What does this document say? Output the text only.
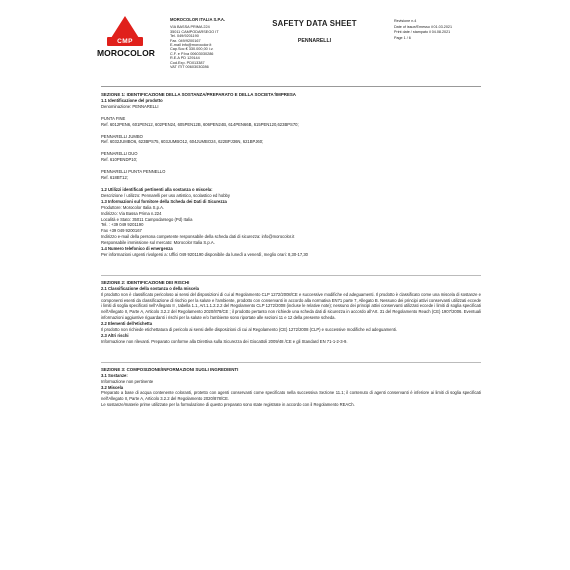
CMP
MOROCOLOR
MOROCOLOR ITALIA S.P.A.
VIA BASSA PRIMA 224
35011 CAMPODARSEGO IT
Tel. 049/9201190
Fax. 049/9200167
E-mail info@morocolor.it
Cap.Soc.€ 330.000,00 i.v.
C.F. e P.Iva 00603030286
R.E.A PD 129144
Cod.Exp. PD013387
VAT ITIT 00603030286
SAFETY DATA SHEET
PENNARELLI
Revisione n.4
Date of issue/Emesso il 01.03.2021
Print date / stampato il 04.08.2021
Page 1 / 6

SEZIONE 1: IDENTIFICAZIONE DELLA SOSTANZA/PREPARATO E DELLA SOCIETA'/IMPRESA

1.1 Identificazione del prodotto

Denominazione: PENNARELLI

PUNTA FINE

Ref. 6012PEN6, 601PEN12, 602PEN24, 605PEN12B, 606PEN24B, 614PEN66B, 615PEN120,623BPS70;

PENNARELLI JUMBO

Ref. 6032JUMBO6, 623BPS75, 603JUMBO12, 604JUMBO24, 622BPJ36N, 621BPJ60;

PENNARELLI DUO

Ref. 610PENDP10;

PENNARELLI PUNTA PENNELLO

Ref. 618BT12;

1.2 Utilizzi identificati pertinenti alla sostanza o miscela:

Descrizione / utilizzo: Pennarelli per uso artistico, scolastico ed hobby

1.3 Informazioni sul fornitore della Scheda dei Dati di Sicurezza

Produttore: Morocolor Italia S.p.A.

Indirizzo: Via Bassa Prima n.224

Località e Stato: 35011 Campodarsego (Pd) Italia

Tel. : +39 049 9201190

Fax +39 049 9200167

Indirizzo e-mail della persona competente responsabile della scheda dati di sicurezza: info@morocolor.it

Responsabile immissione sul mercato: Morocolor Italia S.p.A.

1.4 Numero telefonico di emergenza

Per informazioni urgenti rivolgersi a: Uffici 049 9201190 disponibile da lunedì a venerdì, meglio orari: 8,30-17,30

SEZIONE 2: IDENTIFICAZIONE DEI RISCHI

2.1 Classificazione della sostanza o della miscela

Il prodotto non è classificato pericoloso ai sensi del disposizioni di cui al Regolamento CLP 1272/2008/CE e successive modifiche ed adeguamenti. Il prodotto è classificato come una miscela di sostanze e componenti esenti da classificazione di rischio per la salute e l'ambiente, prodotto con conservanti in accordo alla normativa EN71 parte 7, Allegato B. Nessuno dei principi attivi conservanti utilizzati eccede i limiti di soglia specificati nell'Allegato II , tabella 1.1, Art.1.1.2.2.2 del Regolamento CLP 1272/2008 (incluse le relative note); nessuno dei principi attivi conservanti utilizzati eccede i limiti di soglia specificati nell'Allegato II, Parte A, Articolo 3.2.2 del Regolamento 2020/878/CE ; il prodotto pertanto non richiede una scheda dati di sicurezza in accordo all'Art. 31 del Regolamento Reach (CE) 1907/2006. Eventuali informazioni aggiuntive riguardanti i rischi per la salute e/o l'ambiente sono riportate alle sezioni 11 e 12 della presente scheda.

2.2 Elementi dell'etichetta

Il prodotto non richiede etichettatura di pericolo ai sensi delle disposizioni di cui al Regolamento (CE) 1272/2008 (CLP) e successive modifiche ed adeguamenti.

2.3 Altri rischi

Informazione non rilevanti. Preparato conforme alla Direttiva sulla Sicurezza dei Giocattoli 2009/48 /CE e gli Standard EN 71-1-2-3-9.

SEZIONE 3: COMPOSIZIONE/INFORMAZIONI SUGLI INGREDIENTI

3.1 Sostanze:

Informazione non pertinente

3.2 Miscela

Preparato a base di acqua contenente coloranti, protetto con agenti conservanti come specificato nella successiva Sezione 11.1; il contenuto di agenti conservanti è inferiore ai limiti di soglia specificati nell'Allegato II, Parte A, Articolo 3.2.2 del Regolamento 2020/878/CE.

Le sostanze/materie prime utilizzate per la formulazione di questo preparato sono state registrate in accordo con il Regolamento REACh.
